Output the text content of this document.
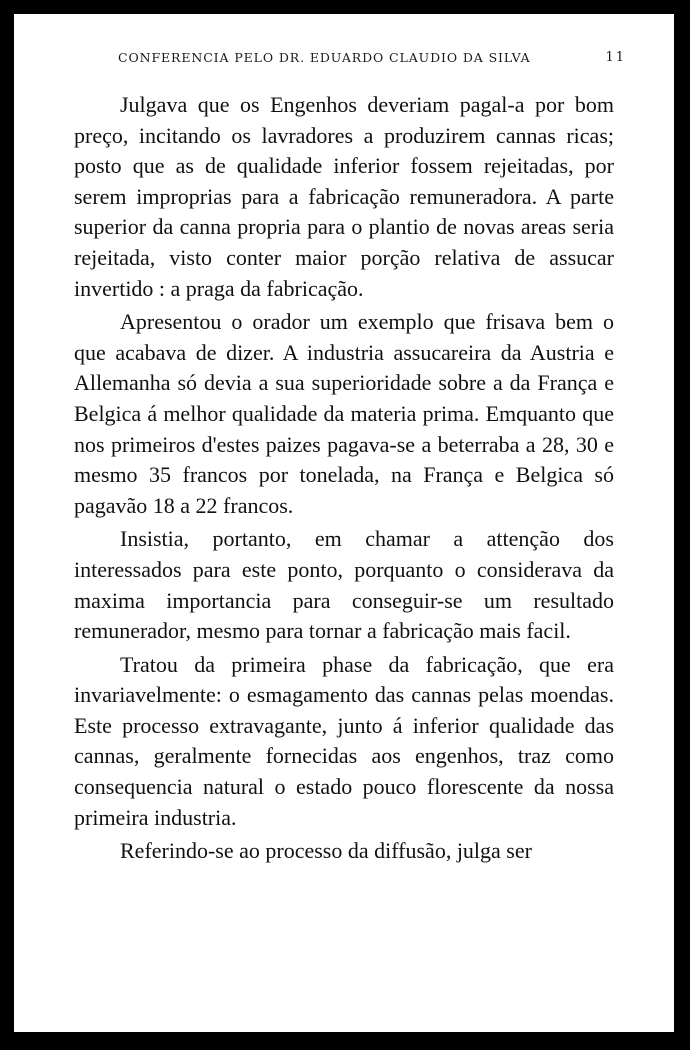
CONFERENCIA PELO DR. EDUARDO CLAUDIO DA SILVA	11

Julgava que os Engenhos deveriam pagal-a por bom preço, incitando os lavradores a produzirem cannas ricas; posto que as de qualidade inferior fossem rejeitadas, por serem improprias para a fabricação remuneradora. A parte superior da canna propria para o plantio de novas areas seria rejeitada, visto conter maior porção relativa de assucar invertido : a praga da fabricação.

Apresentou o orador um exemplo que frisava bem o que acabava de dizer. A industria assucareira da Austria e Allemanha só devia a sua superioridade sobre a da França e Belgica á melhor qualidade da materia prima. Emquanto que nos primeiros d'estes paizes pagava-se a beterraba a 28, 30 e mesmo 35 francos por tonelada, na França e Belgica só pagavão 18 a 22 francos.

Insistia, portanto, em chamar a attenção dos interessados para este ponto, porquanto o considerava da maxima importancia para conseguir-se um resultado remunerador, mesmo para tornar a fabricação mais facil.

Tratou da primeira phase da fabricação, que era invariavelmente: o esmagamento das cannas pelas moendas. Este processo extravagante, junto á inferior qualidade das cannas, geralmente fornecidas aos engenhos, traz como consequencia natural o estado pouco florescente da nossa primeira industria.

Referindo-se ao processo da diffusão, julga ser
